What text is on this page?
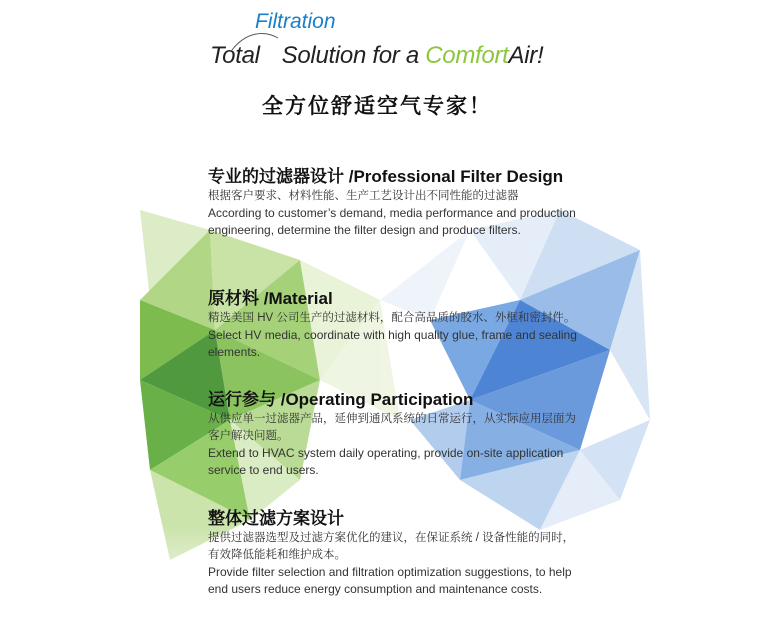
Filtration
Total Solution for a ComfortAir!
全方位舒适空气专家！
专业的过滤器设计 /Professional Filter Design

根据客户要求、材料性能、生产工艺设计出不同性能的过滤器

According to customer’s demand, media performance and production engineering, determine the filter design and produce filters.

原材料 /Material

精选美国 HV 公司生产的过滤材料，配合高品质的胶水、外框和密封件。

Select HV media, coordinate with high quality glue, frame and sealing elements.

运行参与 /Operating Participation

从供应单一过滤器产品，延伸到通风系统的日常运行，从实际应用层面为客户解决问题。

Extend to HVAC system daily operating, provide on-site application service to end users.

整体过滤方案设计

提供过滤器选型及过滤方案优化的建议，在保证系统 / 设备性能的同时，有效降低能耗和维护成本。

Provide filter selection and filtration optimization suggestions, to help end users reduce energy consumption and maintenance costs.
